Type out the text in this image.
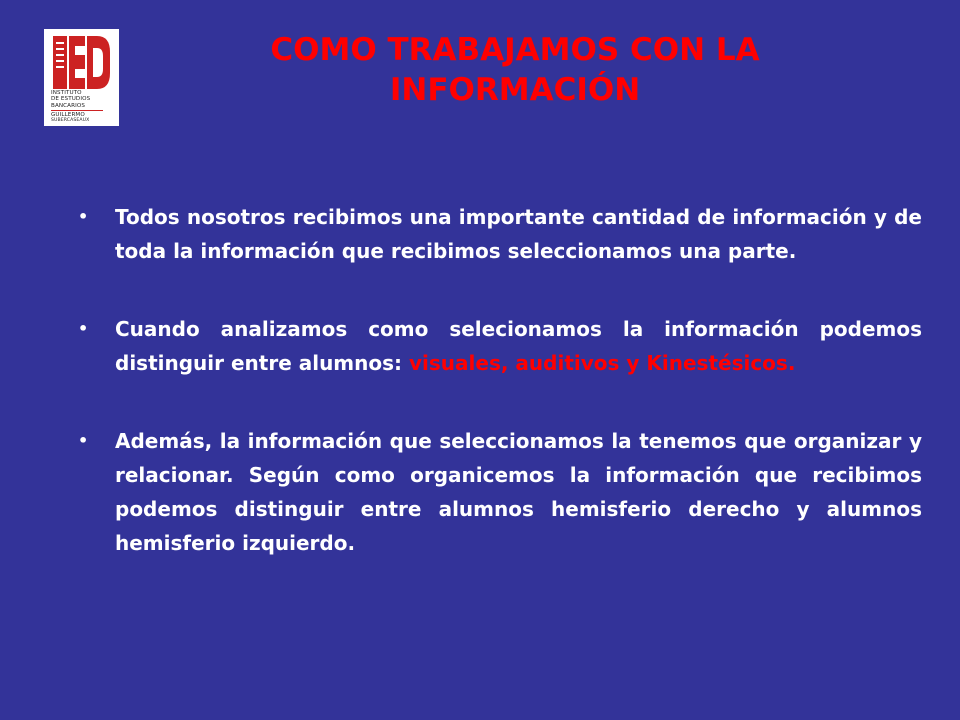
INSTITUTO
DE ESTUDIOS
BANCARIOS
GUILLERMO
SUBERCASEAUX
COMO TRABAJAMOS CON LA
INFORMACIÓN
• Todos nosotros recibimos una importante cantidad de información y de toda la información que recibimos seleccionamos una parte.
• Cuando analizamos como selecionamos la información podemos distinguir entre alumnos: visuales, auditivos y Kinestésicos.
• Además, la información que seleccionamos la tenemos que organizar y relacionar. Según como organicemos la información que recibimos podemos distinguir entre alumnos hemisferio derecho y alumnos hemisferio izquierdo.
